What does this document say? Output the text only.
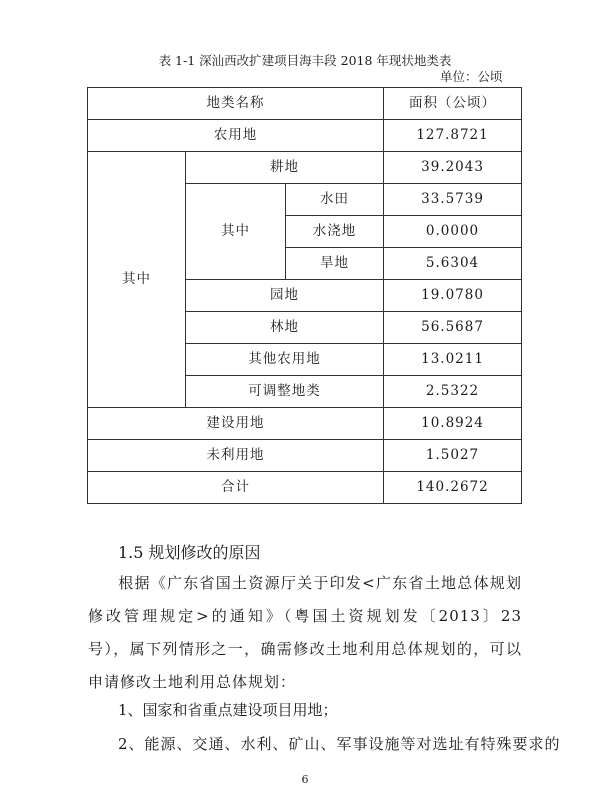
表 1-1 深汕西改扩建项目海丰段 2018 年现状地类表
单位：公顷
地类名称			面积（公顷）
农用地			127.8721
其中	耕地		39.2043
	其中	水田	33.5739
		水浇地	0.0000
		旱地	5.6304
	园地		19.0780
	林地		56.5687
	其他农用地		13.0211
	可调整地类		2.5322
建设用地			10.8924
未利用地			1.5027
合计			140.2672
1.5 规划修改的原因
根据《广东省国土资源厅关于印发<广东省土地总体规划修改管理规定>的通知》（粤国土资规划发〔2013〕23 号），属下列情形之一，确需修改土地利用总体规划的，可以申请修改土地利用总体规划：
1、国家和省重点建设项目用地；
2、能源、交通、水利、矿山、军事设施等对选址有特殊要求的
6
